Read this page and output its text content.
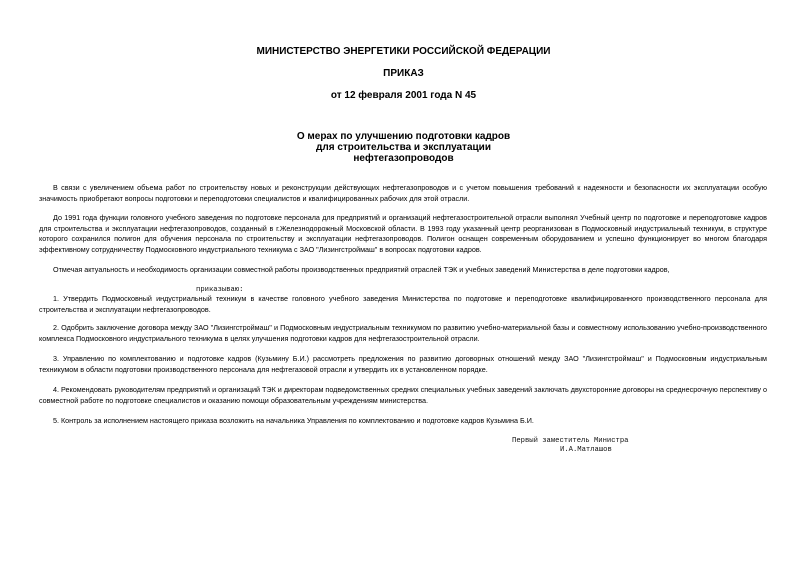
МИНИСТЕРСТВО ЭНЕРГЕТИКИ РОССИЙСКОЙ ФЕДЕРАЦИИ
ПРИКАЗ
от 12 февраля 2001 года N 45
О мерах по улучшению подготовки кадров
для строительства и эксплуатации
нефтегазопроводов

В связи с увеличением объема работ по строительству новых и реконструкции действующих нефтегазопроводов и с учетом повышения требований к надежности и безопасности их эксплуатации особую значимость приобретают вопросы подготовки и переподготовки специалистов и квалифицированных рабочих для этой отрасли.

До 1991 года функции головного учебного заведения по подготовке персонала для предприятий и организаций нефтегазостроительной отрасли выполнял Учебный центр по подготовке и переподготовке кадров для строительства и эксплуатации нефтегазопроводов, созданный в г.Железнодорожный Московской области. В 1993 году указанный центр реорганизован в Подмосковный индустриальный техникум, в структуре которого сохранился полигон для обучения персонала по строительству и эксплуатации нефтегазопроводов. Полигон оснащен современным оборудованием и успешно функционирует во многом благодаря эффективному сотрудничеству Подмосковного индустриального техникума с ЗАО "Лизингстроймаш" в вопросах подготовки кадров.

Отмечая актуальность и необходимость организации совместной работы производственных предприятий отраслей ТЭК и учебных заведений Министерства в деле подготовки кадров,

приказываю:

1. Утвердить Подмосковный индустриальный техникум в качестве головного учебного заведения Министерства по подготовке и переподготовке квалифицированного производственного персонала для строительства и эксплуатации нефтегазопроводов.

2. Одобрить заключение договора между ЗАО "Лизингстроймаш" и Подмосковным индустриальным техникумом по развитию учебно-материальной базы и совместному использованию учебно-производственного комплекса Подмосковного индустриального техникума в целях улучшения подготовки кадров для нефтегазостроительной отрасли.

3. Управлению по комплектованию и подготовке кадров (Кузьмину Б.И.) рассмотреть предложения по развитию договорных отношений между ЗАО "Лизингстроймаш" и Подмосковным индустриальным техникумом в области подготовки производственного персонала для нефтегазовой отрасли и утвердить их в установленном порядке.

4. Рекомендовать руководителям предприятий и организаций ТЭК и директорам подведомственных средних специальных учебных заведений заключать двухсторонние договоры на среднесрочную перспективу о совместной работе по подготовке специалистов и оказанию помощи образовательным учреждениям министерства.

5. Контроль за исполнением настоящего приказа возложить на начальника Управления по комплектованию и подготовке кадров Кузьмина Б.И.

Первый заместитель Министра
И.А.Матлашов
